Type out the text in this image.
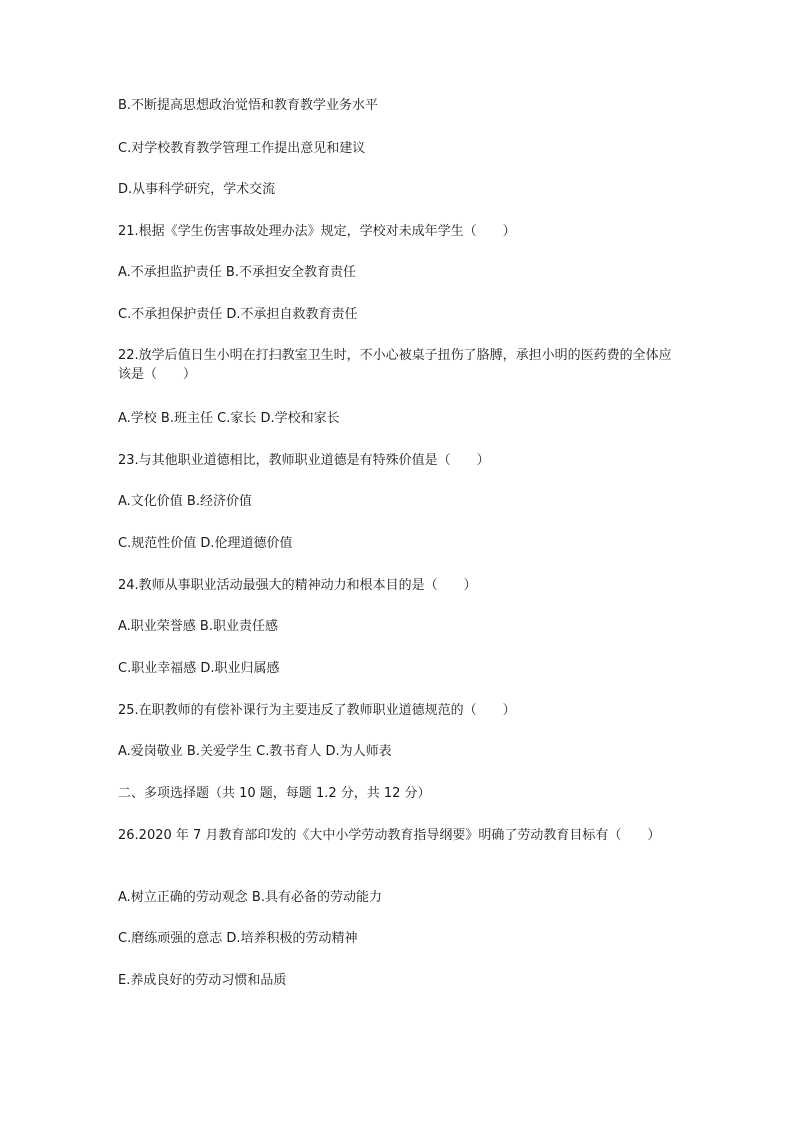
B.不断提高思想政治觉悟和教育教学业务水平
C.对学校教育教学管理工作提出意见和建议
D.从事科学研究，学术交流
21.根据《学生伤害事故处理办法》规定，学校对未成年学生（　　）
A.不承担监护责任 B.不承担安全教育责任
C.不承担保护责任 D.不承担自救教育责任
22.放学后值日生小明在打扫教室卫生时，不小心被桌子扭伤了胳膊，承担小明的医药费的全体应该是（　　）
A.学校 B.班主任 C.家长 D.学校和家长
23.与其他职业道德相比，教师职业道德是有特殊价值是（　　）
A.文化价值 B.经济价值
C.规范性价值 D.伦理道德价值
24.教师从事职业活动最强大的精神动力和根本目的是（　　）
A.职业荣誉感 B.职业责任感
C.职业幸福感 D.职业归属感
25.在职教师的有偿补课行为主要违反了教师职业道德规范的（　　）
A.爱岗敬业 B.关爱学生 C.教书育人 D.为人师表
二、多项选择题（共 10 题，每题 1.2 分，共 12 分）
26.2020 年 7 月教育部印发的《大中小学劳动教育指导纲要》明确了劳动教育目标有（　　）
A.树立正确的劳动观念 B.具有必备的劳动能力
C.磨练顽强的意志 D.培养积极的劳动精神
E.养成良好的劳动习惯和品质
